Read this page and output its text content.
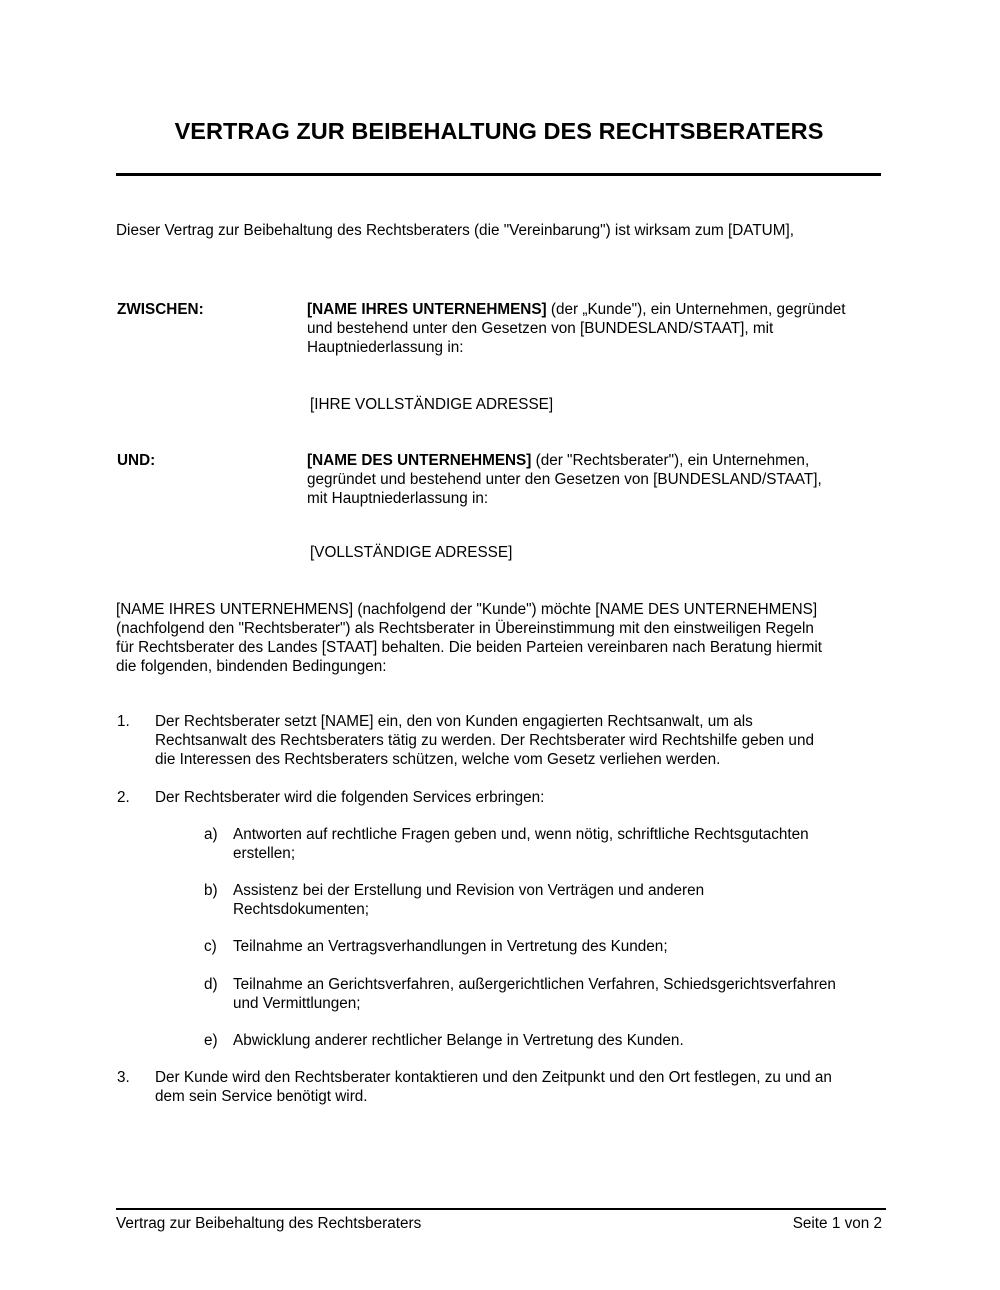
VERTRAG ZUR BEIBEHALTUNG DES RECHTSBERATERS
Dieser Vertrag zur Beibehaltung des Rechtsberaters (die "Vereinbarung") ist wirksam zum [DATUM],
ZWISCHEN:	[NAME IHRES UNTERNEHMENS] (der „Kunde"), ein Unternehmen, gegründet
und bestehend unter den Gesetzen von [BUNDESLAND/STAAT], mit
Hauptniederlassung in:
[IHRE VOLLSTÄNDIGE ADRESSE]
UND:	[NAME DES UNTERNEHMENS] (der "Rechtsberater"), ein Unternehmen,
gegründet und bestehend unter den Gesetzen von [BUNDESLAND/STAAT],
mit Hauptniederlassung in:
[VOLLSTÄNDIGE ADRESSE]
[NAME IHRES UNTERNEHMENS] (nachfolgend der "Kunde") möchte [NAME DES UNTERNEHMENS]
(nachfolgend den "Rechtsberater") als Rechtsberater in Übereinstimmung mit den einstweiligen Regeln
für Rechtsberater des Landes [STAAT] behalten. Die beiden Parteien vereinbaren nach Beratung hiermit
die folgenden, bindenden Bedingungen:
1. Der Rechtsberater setzt [NAME] ein, den von Kunden engagierten Rechtsanwalt, um als
Rechtsanwalt des Rechtsberaters tätig zu werden. Der Rechtsberater wird Rechtshilfe geben und
die Interessen des Rechtsberaters schützen, welche vom Gesetz verliehen werden.
2. Der Rechtsberater wird die folgenden Services erbringen:
a) Antworten auf rechtliche Fragen geben und, wenn nötig, schriftliche Rechtsgutachten
erstellen;
b) Assistenz bei der Erstellung und Revision von Verträgen und anderen
Rechtsdokumenten;
c) Teilnahme an Vertragsverhandlungen in Vertretung des Kunden;
d) Teilnahme an Gerichtsverfahren, außergerichtlichen Verfahren, Schiedsgerichtsverfahren
und Vermittlungen;
e) Abwicklung anderer rechtlicher Belange in Vertretung des Kunden.
3. Der Kunde wird den Rechtsberater kontaktieren und den Zeitpunkt und den Ort festlegen, zu und an
dem sein Service benötigt wird.
Vertrag zur Beibehaltung des Rechtsberaters	Seite 1 von 2
